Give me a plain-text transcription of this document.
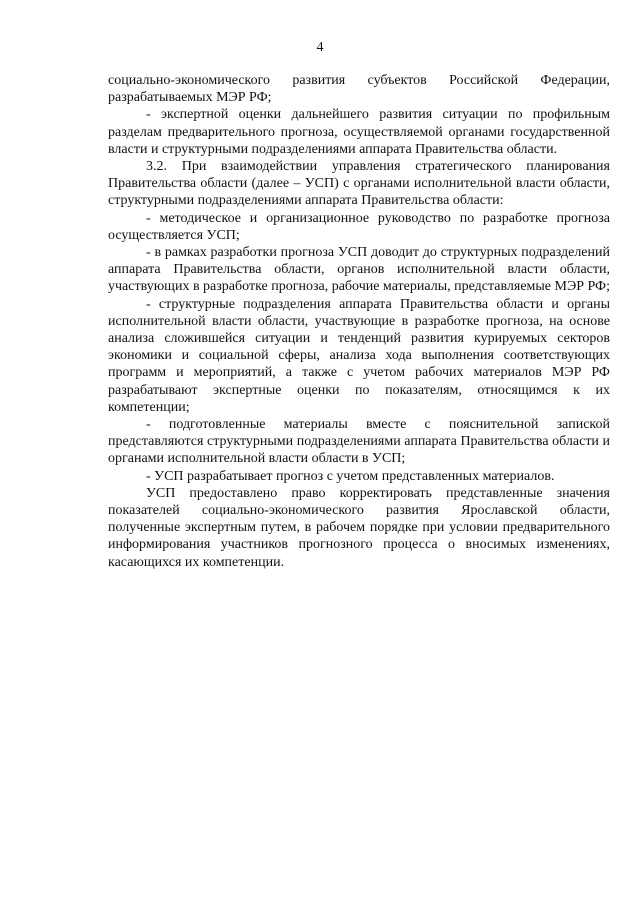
4

социально-экономического развития субъектов Российской Федерации, разрабатываемых МЭР РФ;

- экспертной оценки дальнейшего развития ситуации по профильным разделам предварительного прогноза, осуществляемой органами государственной власти и структурными подразделениями аппарата Правительства области.

3.2. При взаимодействии управления стратегического планирования Правительства области (далее – УСП) с органами исполнительной власти области, структурными подразделениями аппарата Правительства области:

- методическое и организационное руководство по разработке прогноза осуществляется УСП;

- в рамках разработки прогноза УСП доводит до структурных подразделений аппарата Правительства области, органов исполнительной власти области, участвующих в разработке прогноза, рабочие материалы, представляемые МЭР РФ;

- структурные подразделения аппарата Правительства области и органы исполнительной власти области, участвующие в разработке прогноза, на основе анализа сложившейся ситуации и тенденций развития курируемых секторов экономики и социальной сферы, анализа хода выполнения соответствующих программ и мероприятий, а также с учетом рабочих материалов МЭР РФ разрабатывают экспертные оценки по показателям, относящимся к их компетенции;

- подготовленные материалы вместе с пояснительной запиской представляются структурными подразделениями аппарата Правительства области и органами исполнительной власти области в УСП;

- УСП разрабатывает прогноз с учетом представленных материалов.

УСП предоставлено право корректировать представленные значения показателей социально-экономического развития Ярославской области, полученные экспертным путем, в рабочем порядке при условии предварительного информирования участников прогнозного процесса о вносимых изменениях, касающихся их компетенции.
